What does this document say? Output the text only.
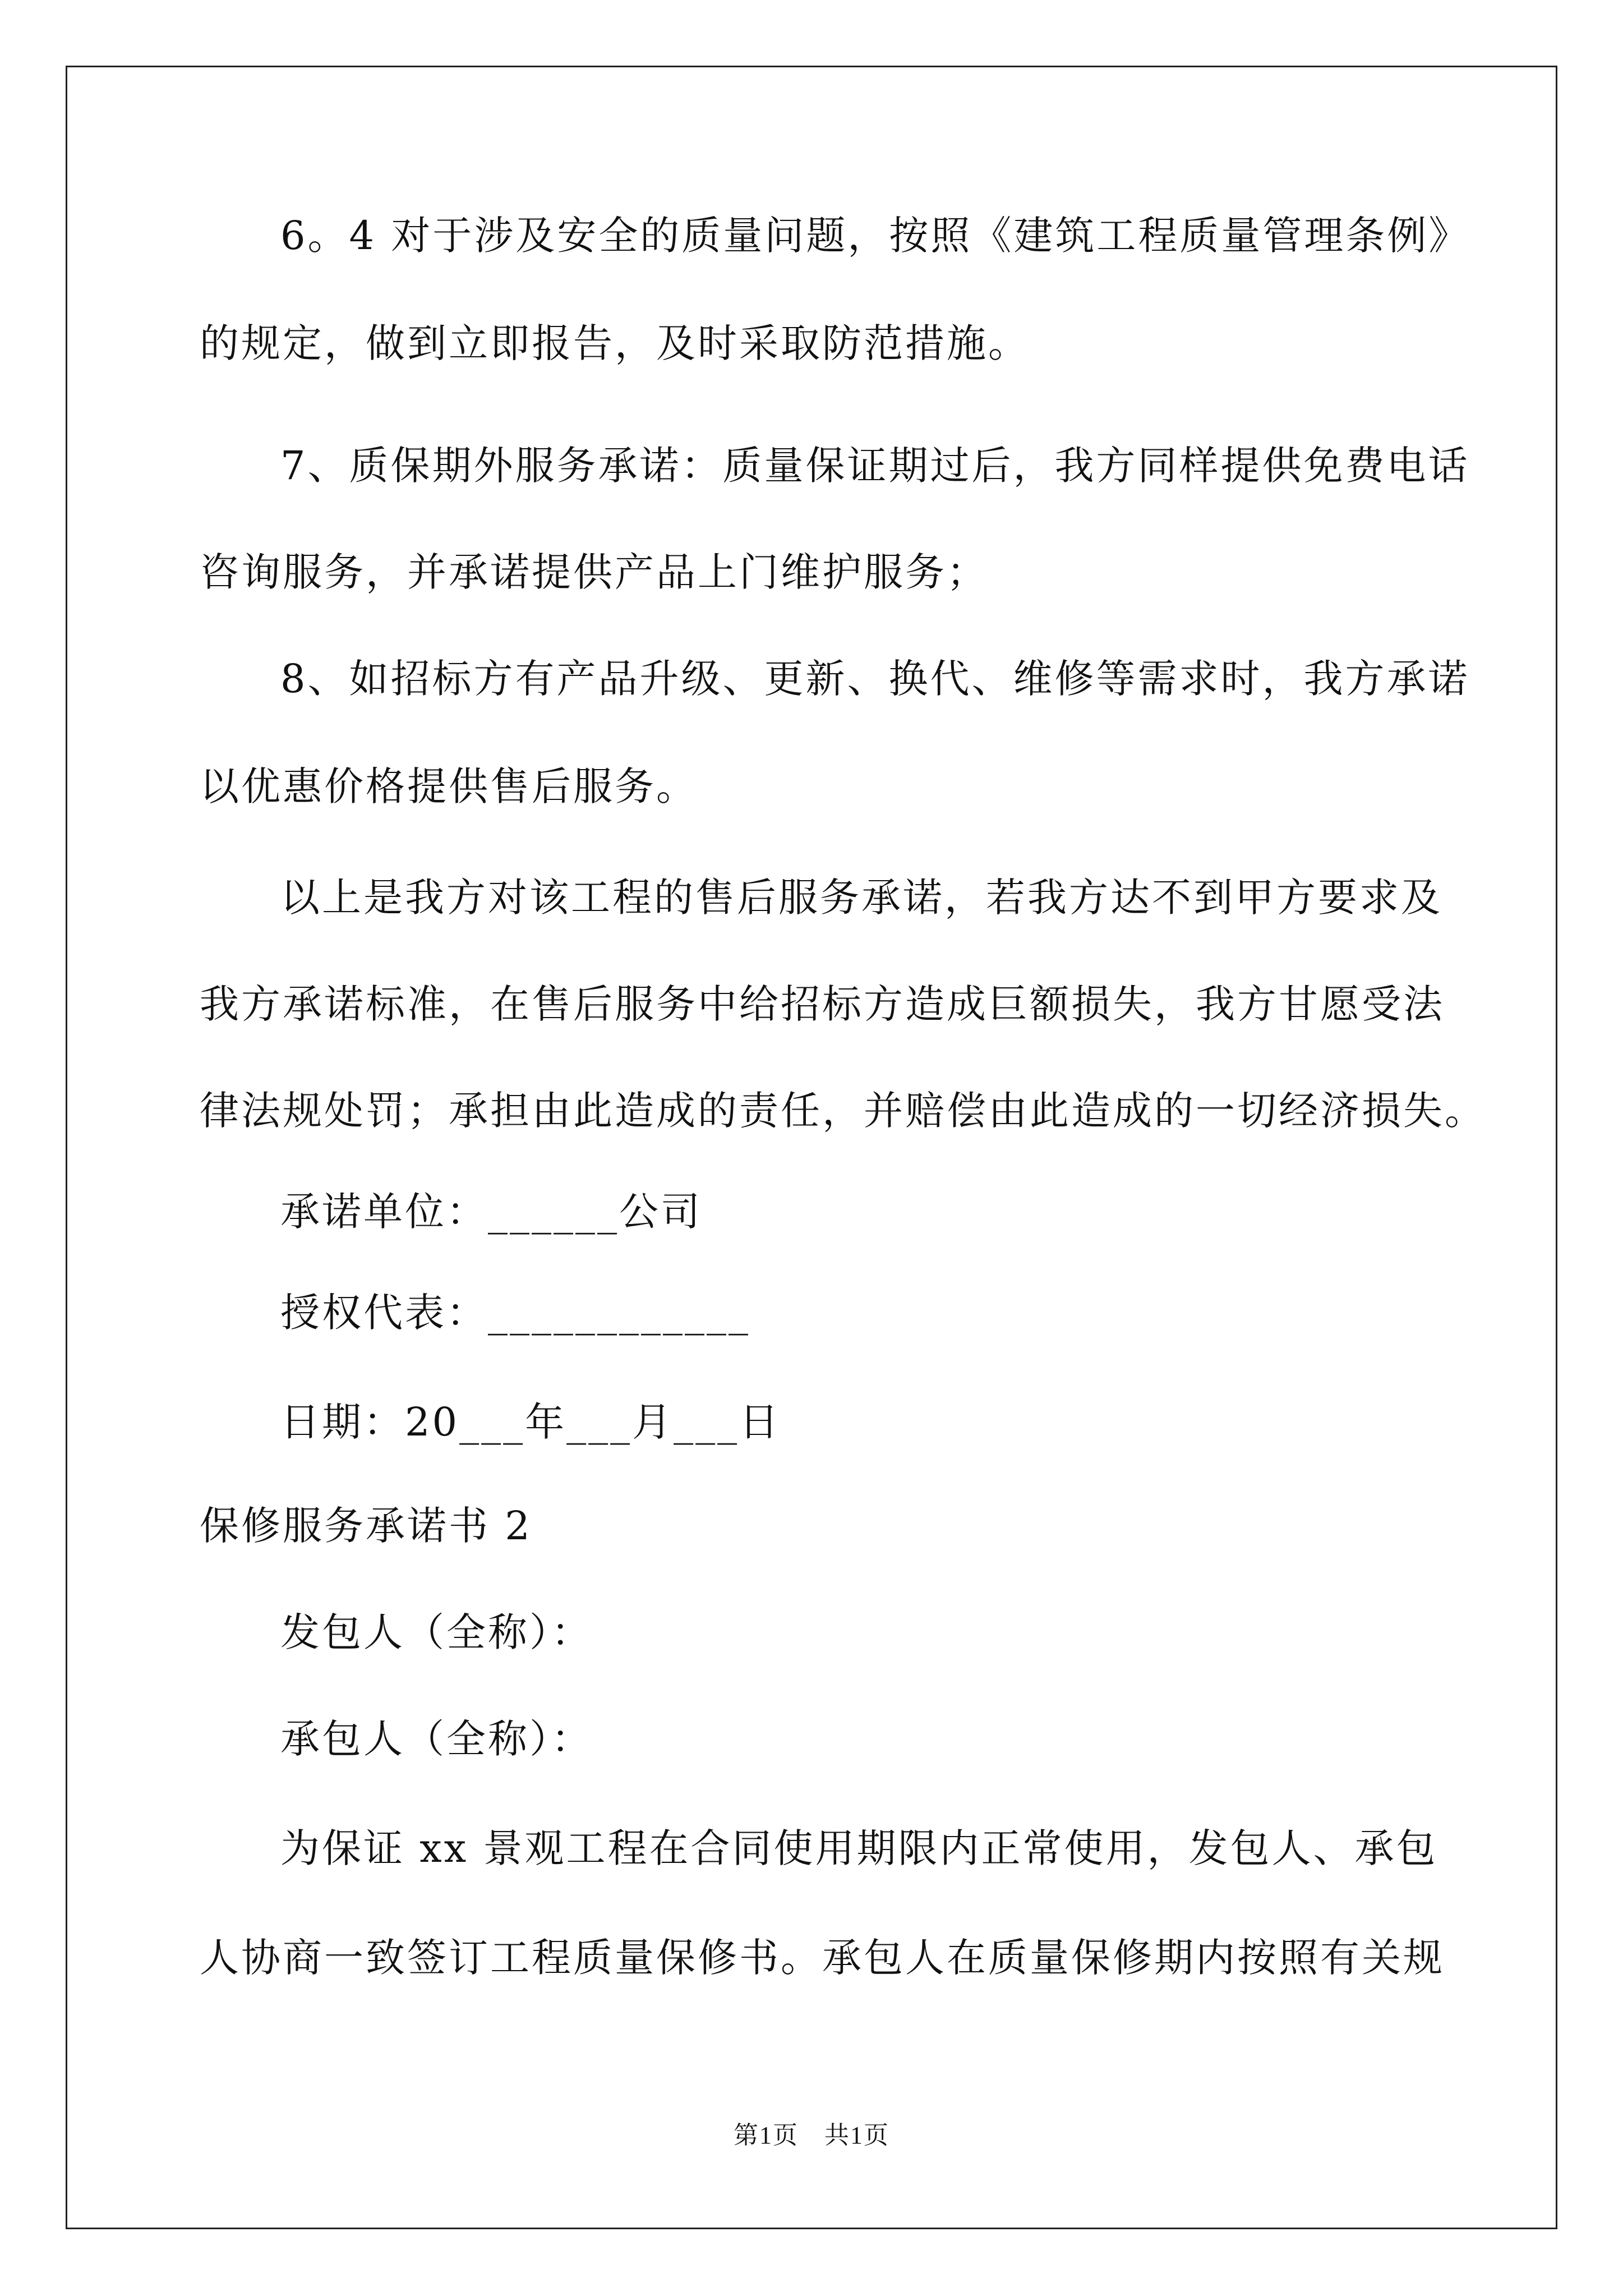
6。4 对于涉及安全的质量问题，按照《建筑工程质量管理条例》
的规定，做到立即报告，及时采取防范措施。
7、质保期外服务承诺：质量保证期过后，我方同样提供免费电话
咨询服务，并承诺提供产品上门维护服务；
8、如招标方有产品升级、更新、换代、维修等需求时，我方承诺
以优惠价格提供售后服务。
以上是我方对该工程的售后服务承诺，若我方达不到甲方要求及
我方承诺标准，在售后服务中给招标方造成巨额损失，我方甘愿受法
律法规处罚；承担由此造成的责任，并赔偿由此造成的一切经济损失。
承诺单位：______公司
授权代表：____________
日期：20___年___月___日
保修服务承诺书 2
发包人（全称）：
承包人（全称）：
为保证 xx 景观工程在合同使用期限内正常使用，发包人、承包
人协商一致签订工程质量保修书。承包人在质量保修期内按照有关规
第1页　共1页
